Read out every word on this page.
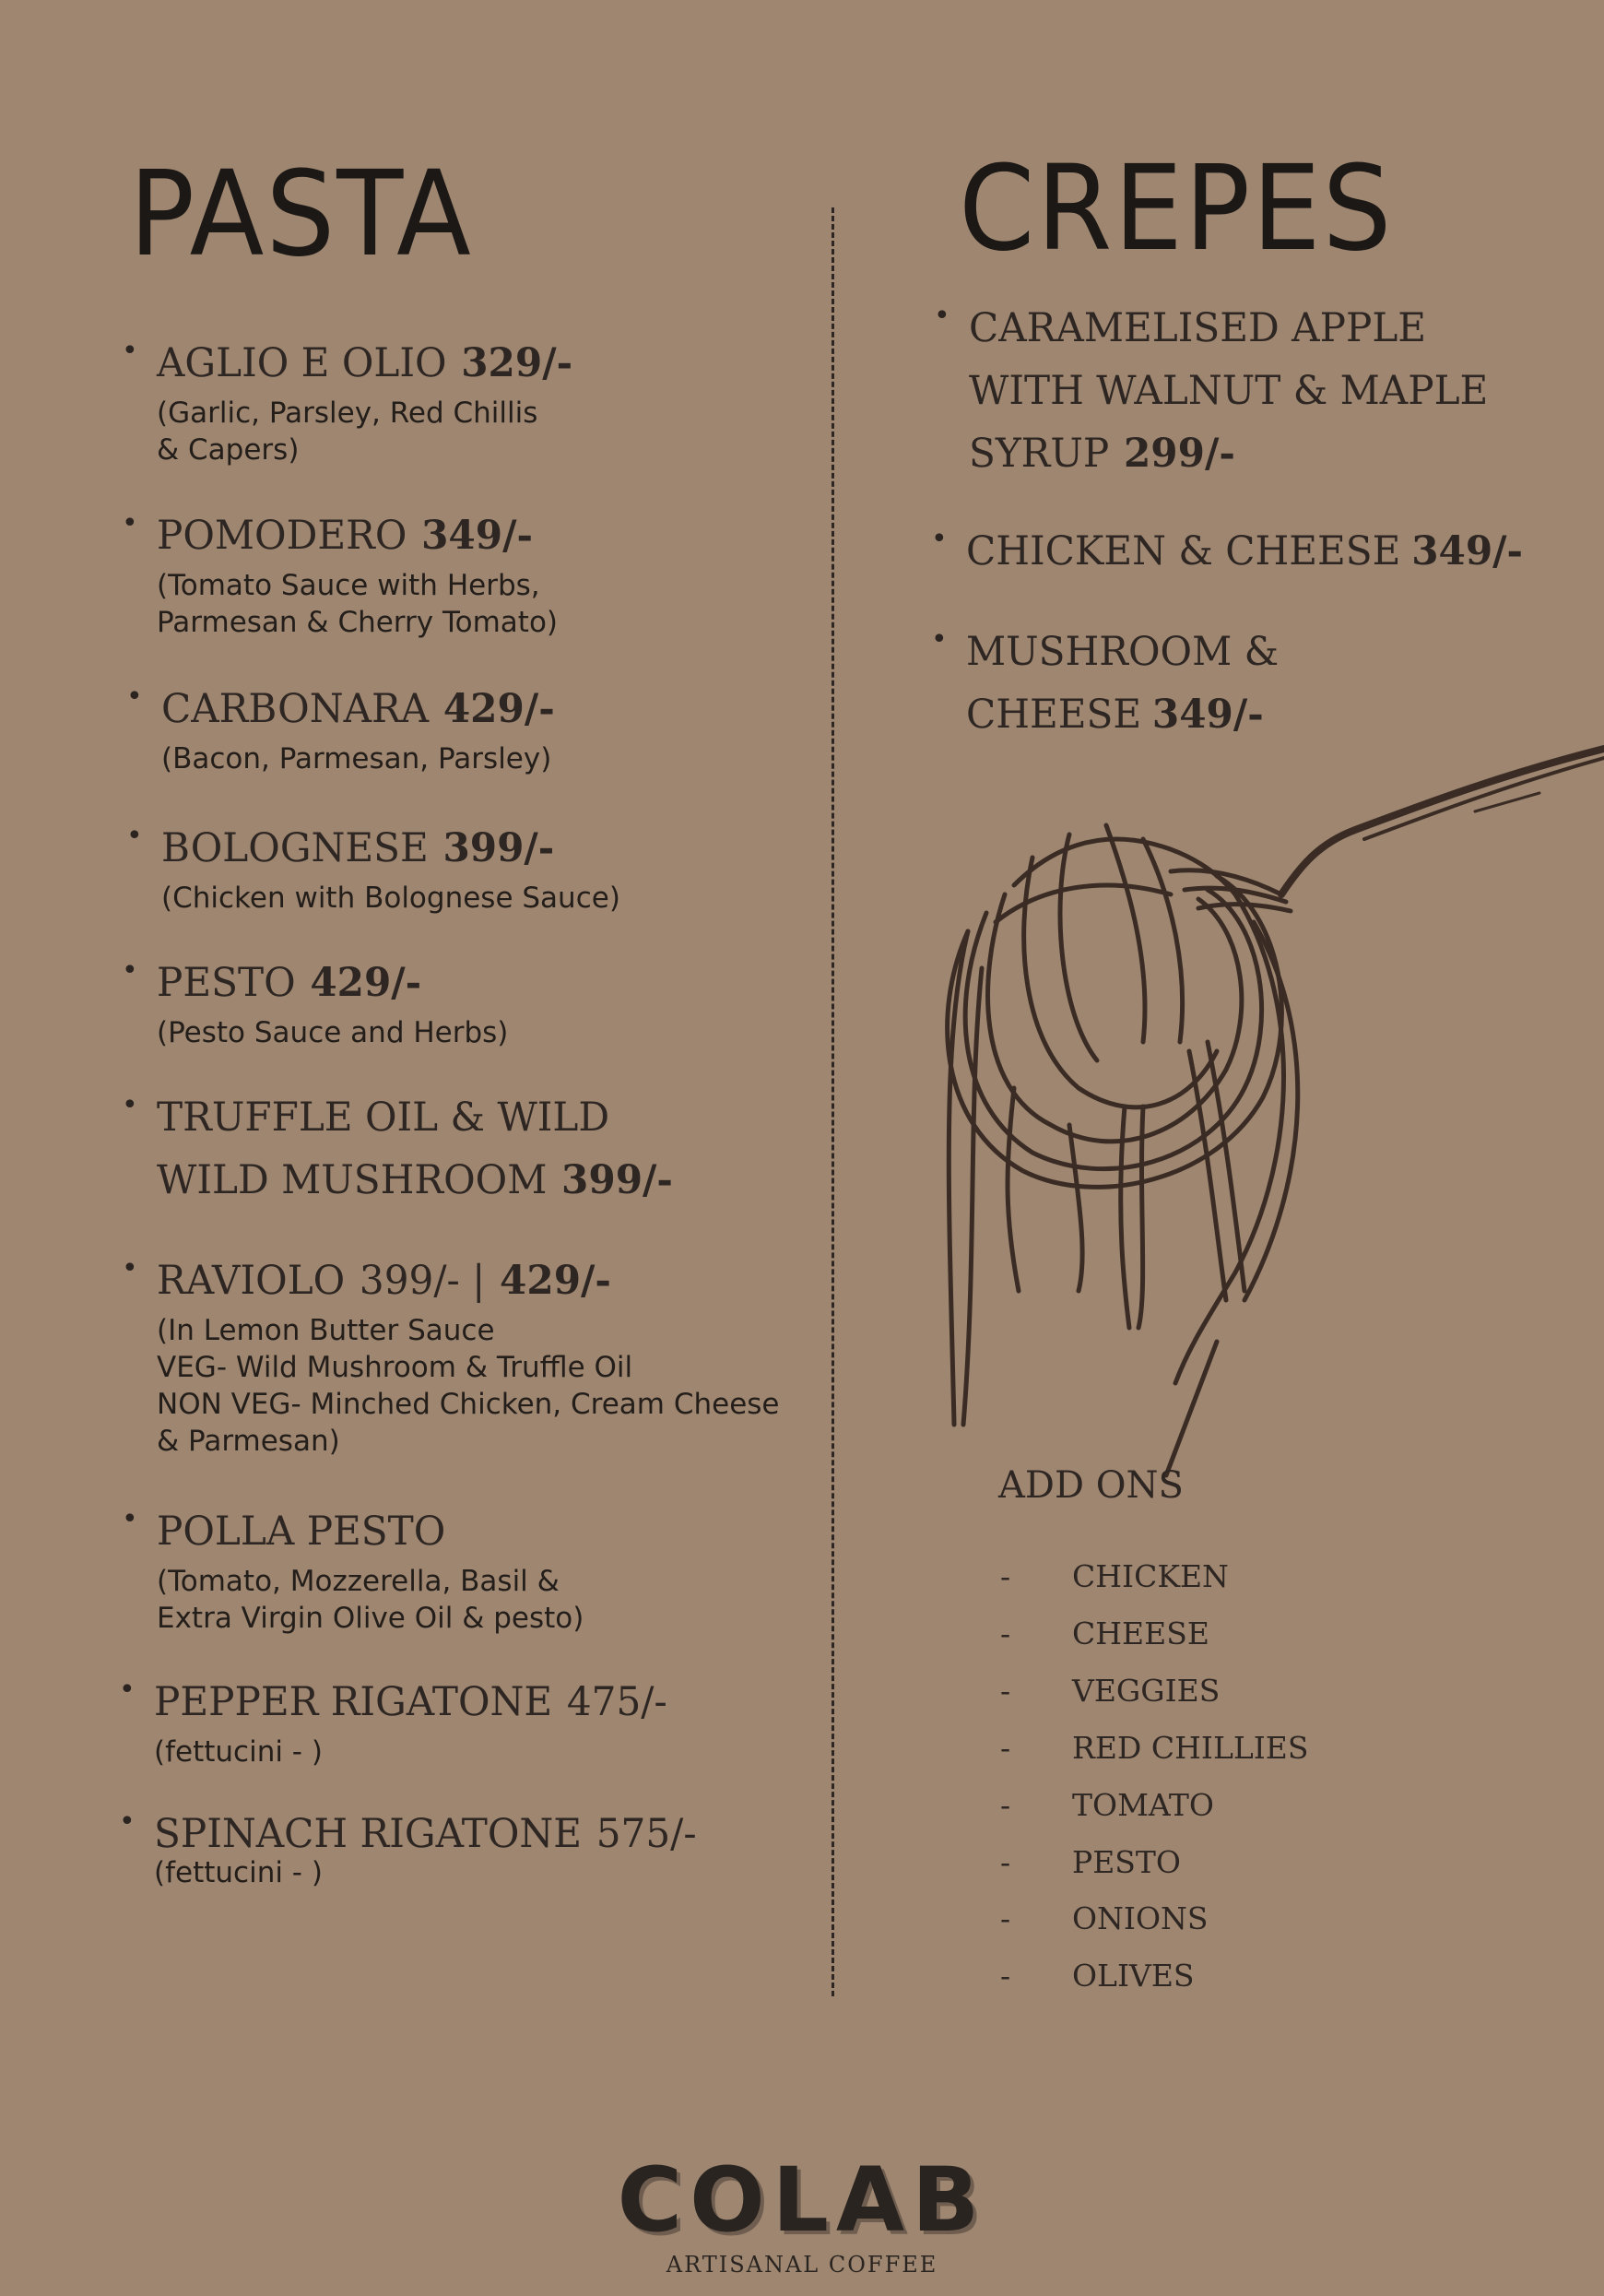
PASTA	CREPES
• AGLIO E OLIO 329/-
(Garlic, Parsley, Red Chillis
& Capers)
• POMODERO 349/-
(Tomato Sauce with Herbs,
Parmesan & Cherry Tomato)
• CARBONARA 429/-
(Bacon, Parmesan, Parsley)
• BOLOGNESE 399/-
(Chicken with Bolognese Sauce)
• PESTO 429/-
(Pesto Sauce and Herbs)
• TRUFFLE OIL & WILD
WILD MUSHROOM 399/-
• RAVIOLO 399/- | 429/-
(In Lemon Butter Sauce
VEG- Wild Mushroom & Truffle Oil
NON VEG- Minched Chicken, Cream Cheese
& Parmesan)
• POLLA PESTO
(Tomato, Mozzerella, Basil &
Extra Virgin Olive Oil & pesto)
• PEPPER RIGATONE 475/-
(fettucini - )
• SPINACH RIGATONE 575/-
(fettucini - )
• CARAMELISED APPLE
WITH WALNUT & MAPLE
SYRUP 299/-
• CHICKEN & CHEESE 349/-
• MUSHROOM &
CHEESE 349/-
ADD ONS
- CHICKEN
- CHEESE
- VEGGIES
- RED CHILLIES
- TOMATO
- PESTO
- ONIONS
- OLIVES
COLAB
ARTISANAL COFFEE
